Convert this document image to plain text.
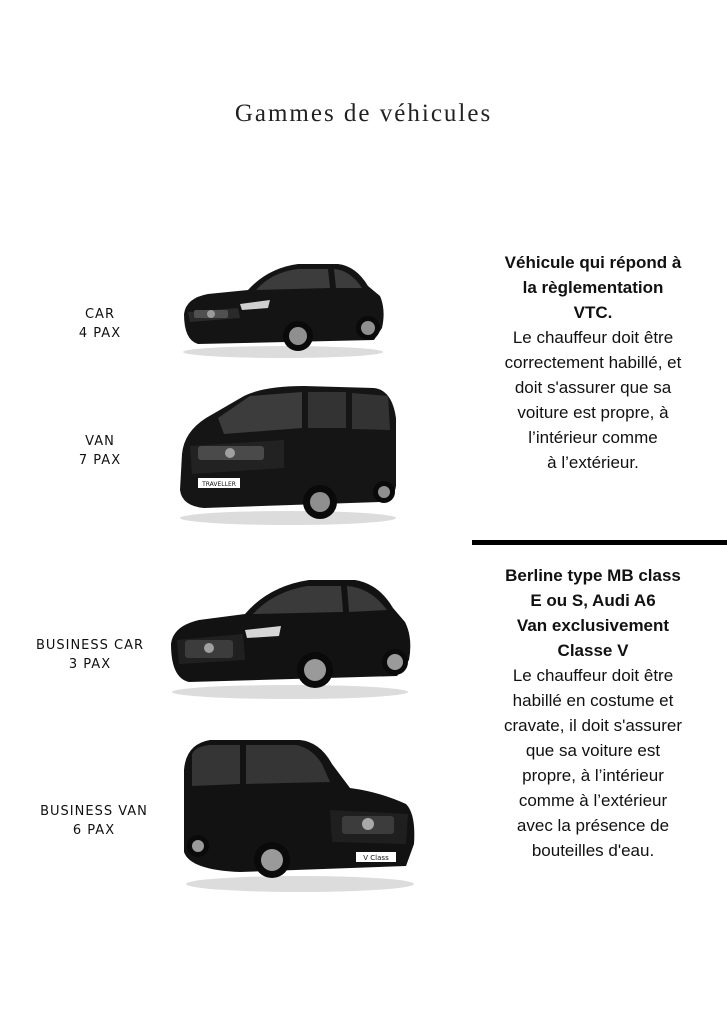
Gammes de véhicules
CAR
4 PAX
VAN
7 PAX
BUSINESS CAR
3 PAX
BUSINESS VAN
6 PAX
TRAVELLER
V Class
Véhicule qui répond à
la règlementation
VTC.
Le chauffeur doit être
correctement habillé, et
doit s'assurer que sa
voiture est propre, à
l’intérieur comme
à l’extérieur.
Berline type MB class
E ou S, Audi A6
Van exclusivement
Classe V
Le chauffeur doit être
habillé en costume et
cravate, il doit s'assurer
que sa voiture est
propre, à l’intérieur
comme à l’extérieur
avec la présence de
bouteilles d'eau.
